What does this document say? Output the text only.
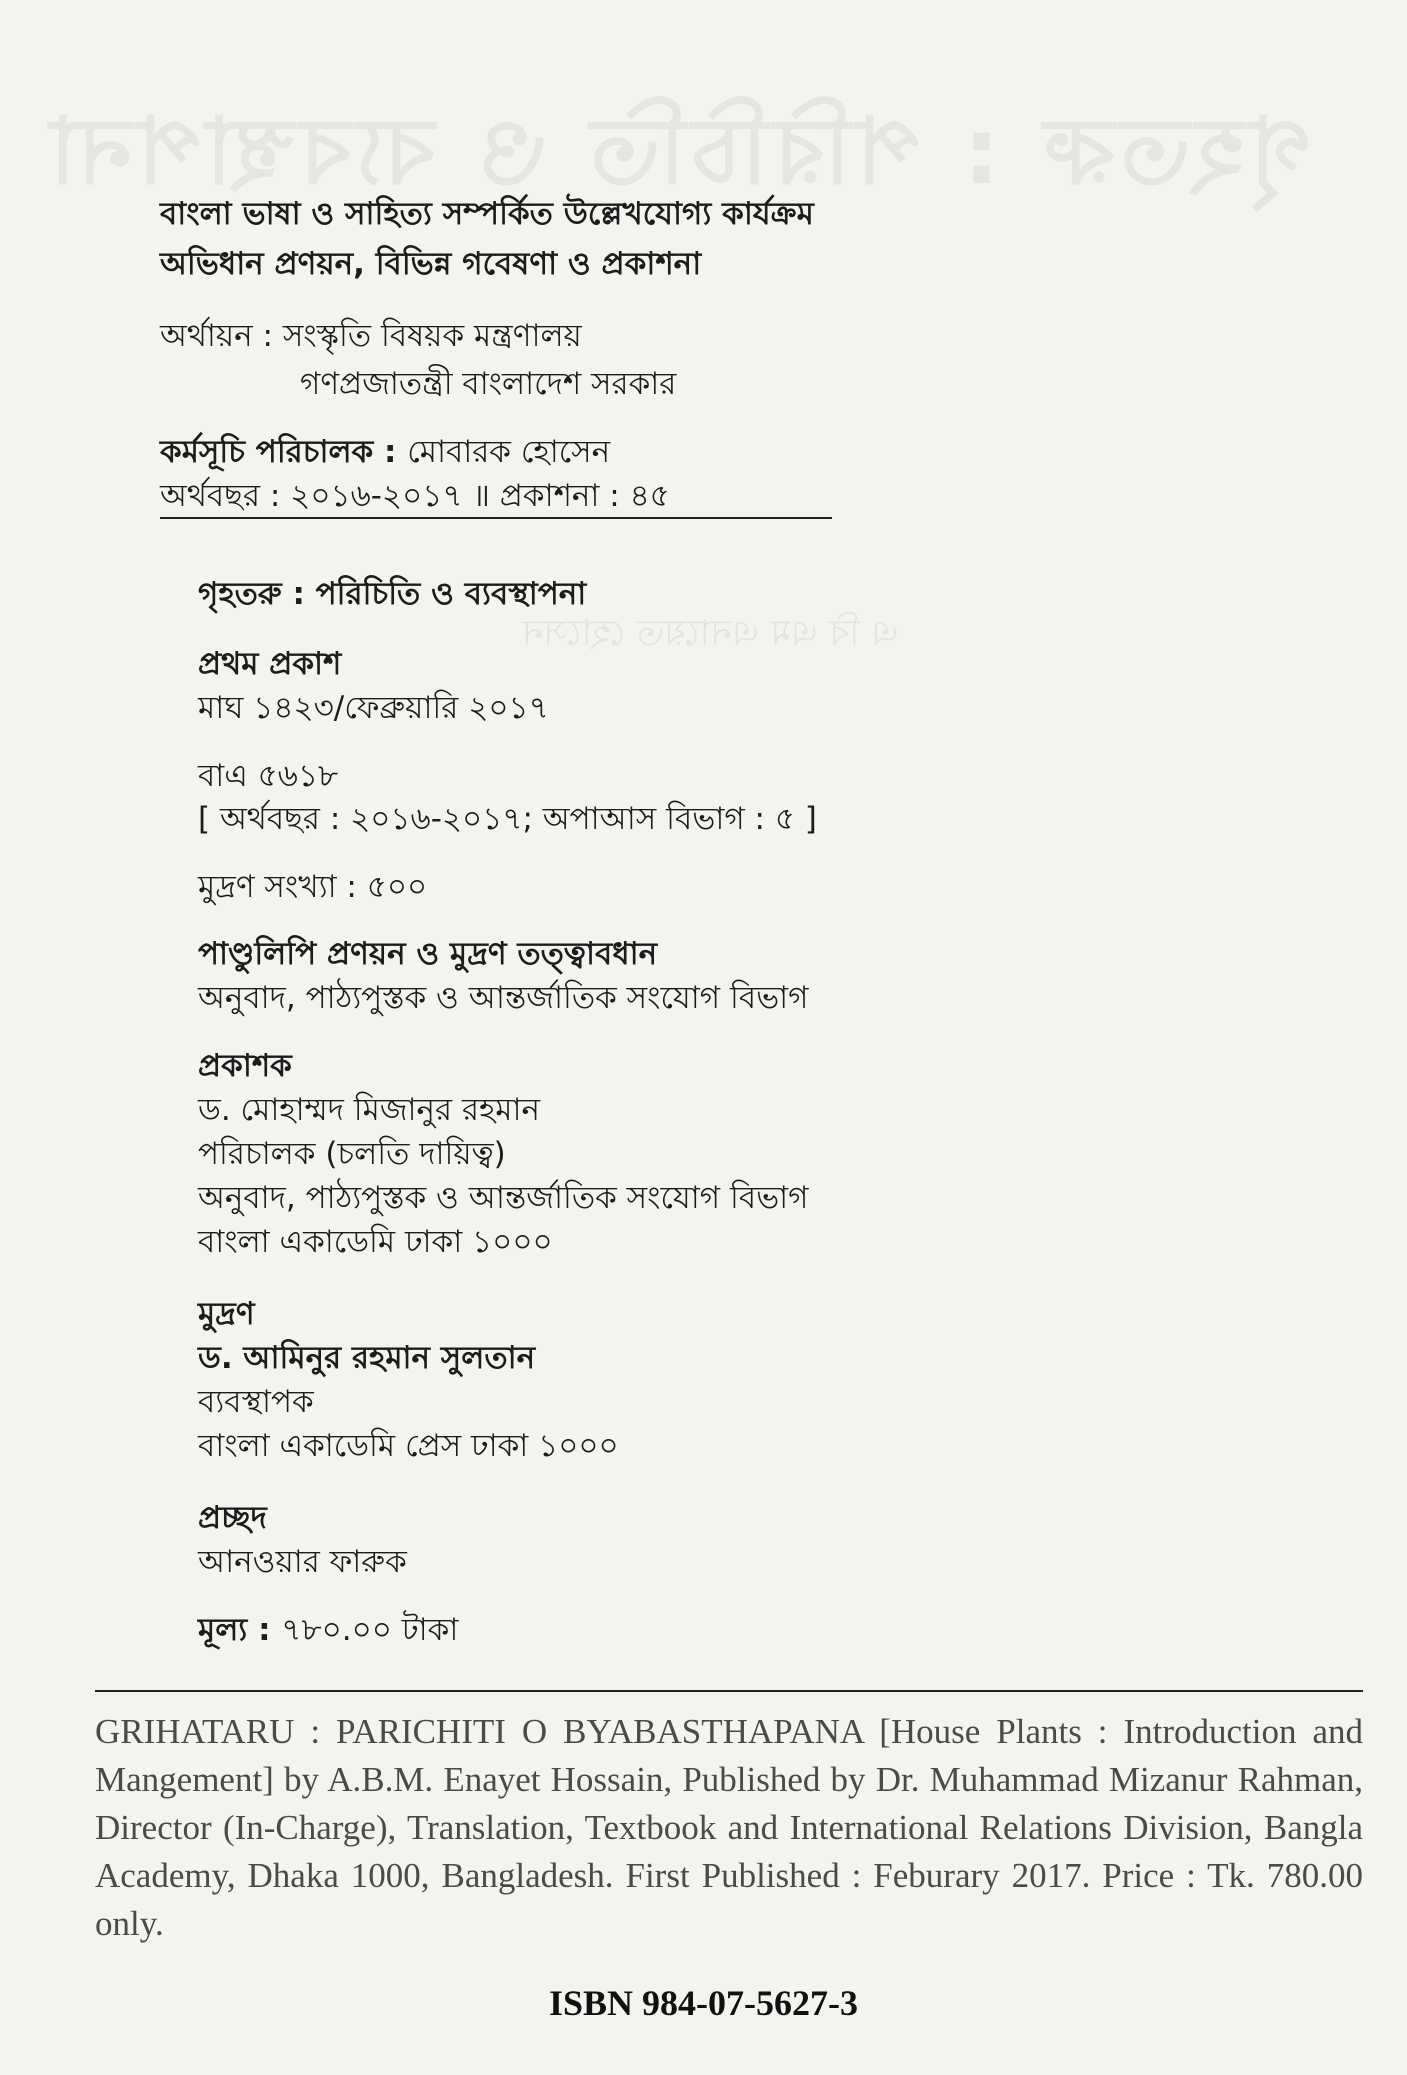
গৃহতরু : পরিচিতি ও ব্যবস্থাপনা
এ বি এম এনায়েত হোসেন
বাংলা ভাষা ও সাহিত্য সম্পর্কিত উল্লেখযোগ্য কার্যক্রম
অভিধান প্রণয়ন, বিভিন্ন গবেষণা ও প্রকাশনা
অর্থায়ন : সংস্কৃতি বিষয়ক মন্ত্রণালয়
গণপ্রজাতন্ত্রী বাংলাদেশ সরকার
কর্মসূচি পরিচালক : মোবারক হোসেন
অর্থবছর : ২০১৬-২০১৭ ॥ প্রকাশনা : ৪৫
গৃহতরু : পরিচিতি ও ব্যবস্থাপনা
প্রথম প্রকাশ
মাঘ ১৪২৩/ফেব্রুয়ারি ২০১৭
বাএ ৫৬১৮
[ অর্থবছর : ২০১৬-২০১৭; অপাআস বিভাগ : ৫ ]
মুদ্রণ সংখ্যা : ৫০০
পাণ্ডুলিপি প্রণয়ন ও মুদ্রণ তত্ত্বাবধান
অনুবাদ, পাঠ্যপুস্তক ও আন্তর্জাতিক সংযোগ বিভাগ
প্রকাশক
ড. মোহাম্মদ মিজানুর রহমান
পরিচালক (চলতি দায়িত্ব)
অনুবাদ, পাঠ্যপুস্তক ও আন্তর্জাতিক সংযোগ বিভাগ
বাংলা একাডেমি ঢাকা ১০০০
মুদ্রণ
ড. আমিনুর রহমান সুলতান
ব্যবস্থাপক
বাংলা একাডেমি প্রেস ঢাকা ১০০০
প্রচ্ছদ
আনওয়ার ফারুক
মূল্য : ৭৮০.০০ টাকা
GRIHATARU : PARICHITI O BYABASTHAPANA [House Plants : Introduction and Mangement] by A.B.M. Enayet Hossain, Published by Dr. Muhammad Mizanur Rahman, Director (In-Charge), Translation, Textbook and International Relations Division, Bangla Academy, Dhaka 1000, Bangladesh. First Published : Feburary 2017. Price : Tk. 780.00 only.
ISBN 984-07-5627-3
